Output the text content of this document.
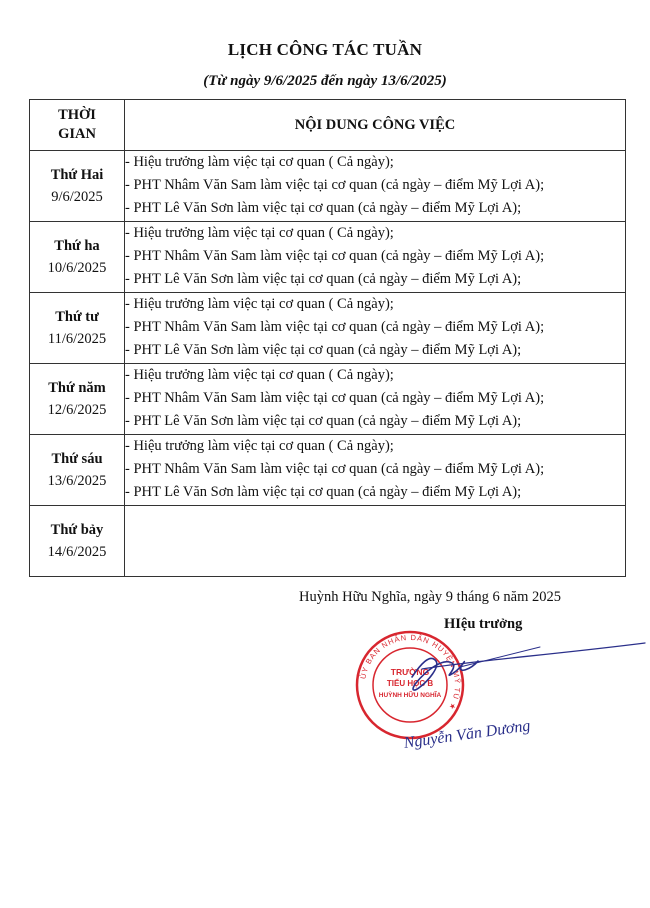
LỊCH CÔNG TÁC TUẦN
(Từ ngày 9/6/2025 đến ngày 13/6/2025)
THỜI
GIAN	NỘI DUNG CÔNG VIỆC

Thứ Hai
9/6/2025	- Hiệu trưởng làm việc tại cơ quan ( Cả ngày);
- PHT Nhâm Văn Sam làm việc tại cơ quan (cả ngày – điểm Mỹ Lợi A);
- PHT Lê Văn Sơn làm việc tại cơ quan (cả ngày – điểm Mỹ Lợi A);

Thứ ha
10/6/2025	- Hiệu trưởng làm việc tại cơ quan ( Cả ngày);
- PHT Nhâm Văn Sam làm việc tại cơ quan (cả ngày – điểm Mỹ Lợi A);
- PHT Lê Văn Sơn làm việc tại cơ quan (cả ngày – điểm Mỹ Lợi A);

Thứ tư
11/6/2025	- Hiệu trưởng làm việc tại cơ quan ( Cả ngày);
- PHT Nhâm Văn Sam làm việc tại cơ quan (cả ngày – điểm Mỹ Lợi A);
- PHT Lê Văn Sơn làm việc tại cơ quan (cả ngày – điểm Mỹ Lợi A);

Thứ năm
12/6/2025	- Hiệu trưởng làm việc tại cơ quan ( Cả ngày);
- PHT Nhâm Văn Sam làm việc tại cơ quan (cả ngày – điểm Mỹ Lợi A);
- PHT Lê Văn Sơn làm việc tại cơ quan (cả ngày – điểm Mỹ Lợi A);

Thứ sáu
13/6/2025	- Hiệu trưởng làm việc tại cơ quan ( Cả ngày);
- PHT Nhâm Văn Sam làm việc tại cơ quan (cả ngày – điểm Mỹ Lợi A);
- PHT Lê Văn Sơn làm việc tại cơ quan (cả ngày – điểm Mỹ Lợi A);

Thứ bảy
14/6/2025	

Huỳnh Hữu Nghĩa, ngày 9 tháng 6 năm 2025
HIệu trưởng
ỦY BAN NHÂN DÂN HUYỆN MỸ TÚ ★
TRƯỜNG
TIỂU HỌC B
HUỲNH HỮU NGHĨA
Nguyễn Văn Dương
